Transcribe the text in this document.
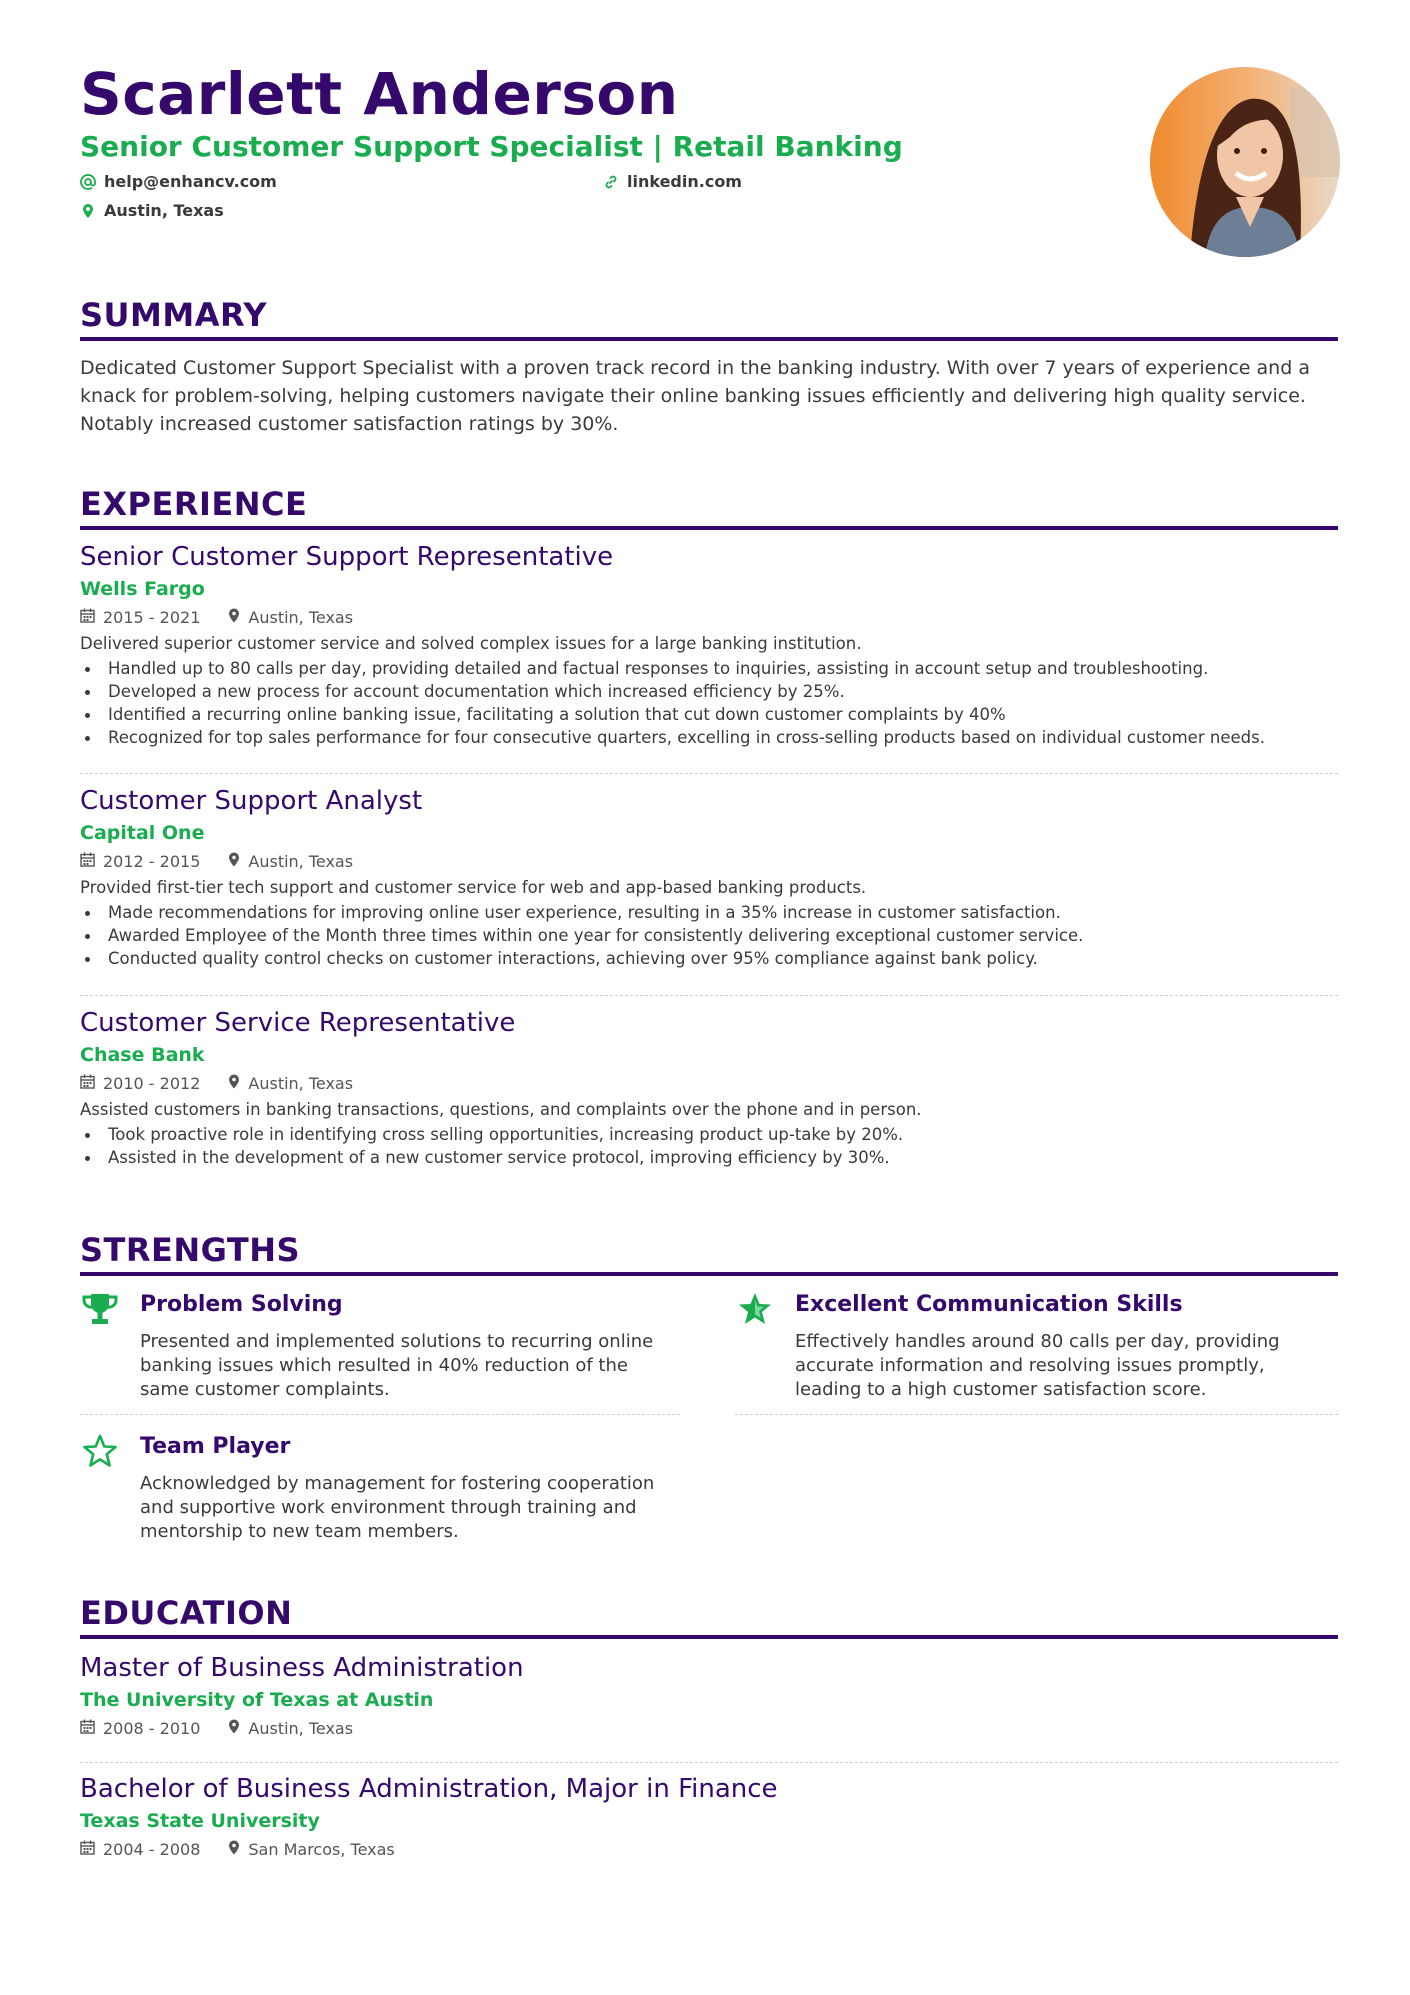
Scarlett Anderson
Senior Customer Support Specialist | Retail Banking
help@enhancv.com	linkedin.com
Austin, Texas
SUMMARY
Dedicated Customer Support Specialist with a proven track record in the banking industry. With over 7 years of experience and a knack for problem-solving, helping customers navigate their online banking issues efficiently and delivering high quality service. Notably increased customer satisfaction ratings by 30%.
EXPERIENCE
Senior Customer Support Representative
Wells Fargo
2015 - 2021	Austin, Texas
Delivered superior customer service and solved complex issues for a large banking institution.
Handled up to 80 calls per day, providing detailed and factual responses to inquiries, assisting in account setup and troubleshooting.
Developed a new process for account documentation which increased efficiency by 25%.
Identified a recurring online banking issue, facilitating a solution that cut down customer complaints by 40%
Recognized for top sales performance for four consecutive quarters, excelling in cross-selling products based on individual customer needs.
Customer Support Analyst
Capital One
2012 - 2015	Austin, Texas
Provided first-tier tech support and customer service for web and app-based banking products.
Made recommendations for improving online user experience, resulting in a 35% increase in customer satisfaction.
Awarded Employee of the Month three times within one year for consistently delivering exceptional customer service.
Conducted quality control checks on customer interactions, achieving over 95% compliance against bank policy.
Customer Service Representative
Chase Bank
2010 - 2012	Austin, Texas
Assisted customers in banking transactions, questions, and complaints over the phone and in person.
Took proactive role in identifying cross selling opportunities, increasing product up-take by 20%.
Assisted in the development of a new customer service protocol, improving efficiency by 30%.
STRENGTHS
Problem Solving
Presented and implemented solutions to recurring online banking issues which resulted in 40% reduction of the same customer complaints.
Excellent Communication Skills
Effectively handles around 80 calls per day, providing accurate information and resolving issues promptly, leading to a high customer satisfaction score.
Team Player
Acknowledged by management for fostering cooperation and supportive work environment through training and mentorship to new team members.
EDUCATION
Master of Business Administration
The University of Texas at Austin
2008 - 2010	Austin, Texas
Bachelor of Business Administration, Major in Finance
Texas State University
2004 - 2008	San Marcos, Texas
